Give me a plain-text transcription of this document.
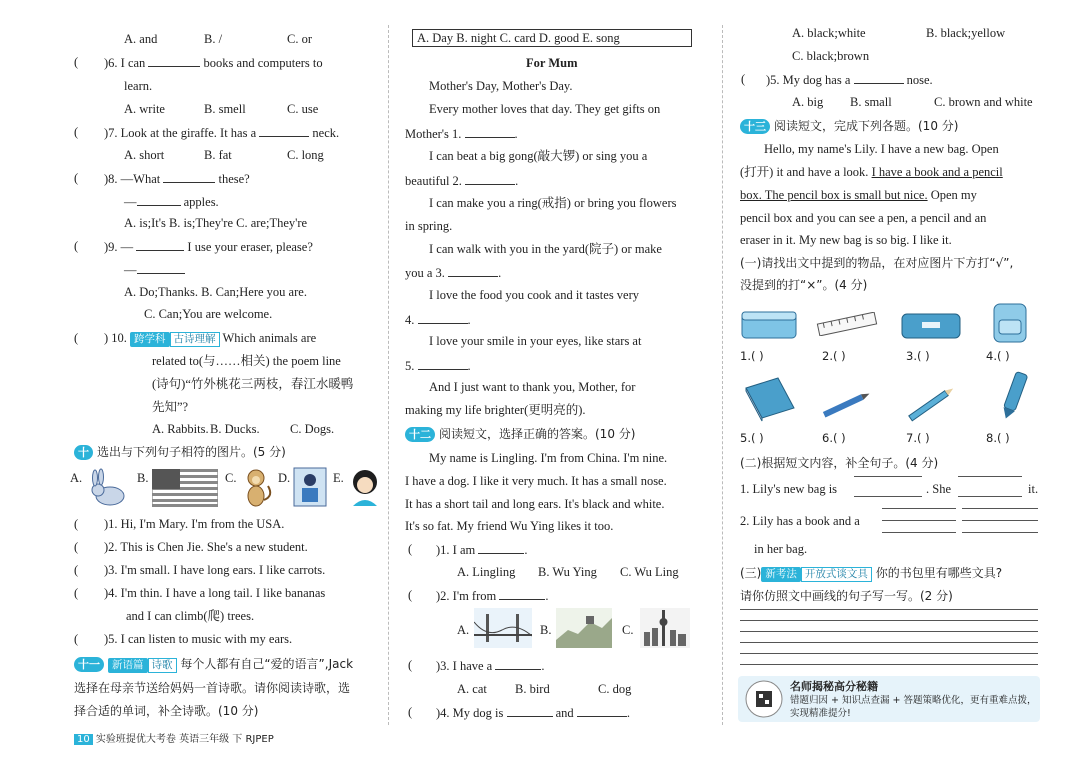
A. and	B. /	C. or
( )6. I can	books and computers to
learn.
A. write	B. smell	C. use
( )7. Look at the giraffe. It has a	neck.
A. short	B. fat	C. long
( )8. —What	these?
—	apples.
A. is;It's B. is;They're C. are;They're
( )9. —	I use your eraser, please?
—
A. Do;Thanks. B. Can;Here you are.
C. Can;You are welcome.
( ) 10. 跨学科 古诗理解 Which animals are
related to(与……相关) the poem line
(诗句)“竹外桃花三两枝，春江水暖鸭
先知”?
A. Rabbits. B. Ducks. C. Dogs.
十 选出与下列句子相符的图片。(5 分)
A.	B.	C.	D.	E.
( )1. Hi, I'm Mary. I'm from the USA.
( )2. This is Chen Jie. She's a new student.
( )3. I'm small. I have long ears. I like carrots.
( )4. I'm thin. I have a long tail. I like bananas
and I can climb(爬) trees.
( )5. I can listen to music with my ears.
十一 新语篇 诗歌 每个人都有自己“爱的语言”,Jack
选择在母亲节送给妈妈一首诗歌。请你阅读诗歌，选
择合适的单词，补全诗歌。(10 分)
10 实验班提优大考卷 英语三年级 下 RJPEP
A. Day B. night C. card D. good E. song
For Mum
Mother's Day, Mother's Day.
Every mother loves that day. They get gifts on
Mother's 1.	.
I can beat a big gong(敲大锣) or sing you a
beautiful 2.	.
I can make you a ring(戒指) or bring you flowers
in spring.
I can walk with you in the yard(院子) or make
you a 3.	.
I love the food you cook and it tastes very
4.	.
I love your smile in your eyes, like stars at
5.	.
And I just want to thank you, Mother, for
making my life brighter(更明亮的).
十二 阅读短文，选择正确的答案。(10 分)
My name is Lingling. I'm from China. I'm nine.
I have a dog. I like it very much. It has a small nose.
It has a short tail and long ears. It's black and white.
It's so fat. My friend Wu Ying likes it too.
( )1. I am	.
A. Lingling B. Wu Ying C. Wu Ling
( )2. I'm from	.
A.	B.	C.
( )3. I have a	.
A. cat B. bird	C. dog
( )4. My dog is	and	.
A. black;white	B. black;yellow
C. black;brown
( )5. My dog has a	nose.
A. big B. small	C. brown and white
十三 阅读短文，完成下列各题。(10 分)
Hello, my name's Lily. I have a new bag. Open
(打开) it and have a look. I have a book and a pencil
box. The pencil box is small but nice. Open my
pencil box and you can see a pen, a pencil and an
eraser in it. My new bag is so big. I like it.
(一)请找出文中提到的物品，在对应图片下方打“√”,
没提到的打“×”。(4 分)
1.( )	2.( )	3.( )	4.( )
5.( )	6.( )	7.( )	8.( )
(二)根据短文内容，补全句子。(4 分)
1. Lily's new bag is	. She	it.
2. Lily has a book and a
in her bag.
(三) 新考法 开放式谈文具 你的书包里有哪些文具?
请你仿照文中画线的句子写一写。(2 分)
名师揭秘高分秘籍
错题归因 + 知识点查漏 + 答题策略优化，更有重难点拨，
实现精准提分!
